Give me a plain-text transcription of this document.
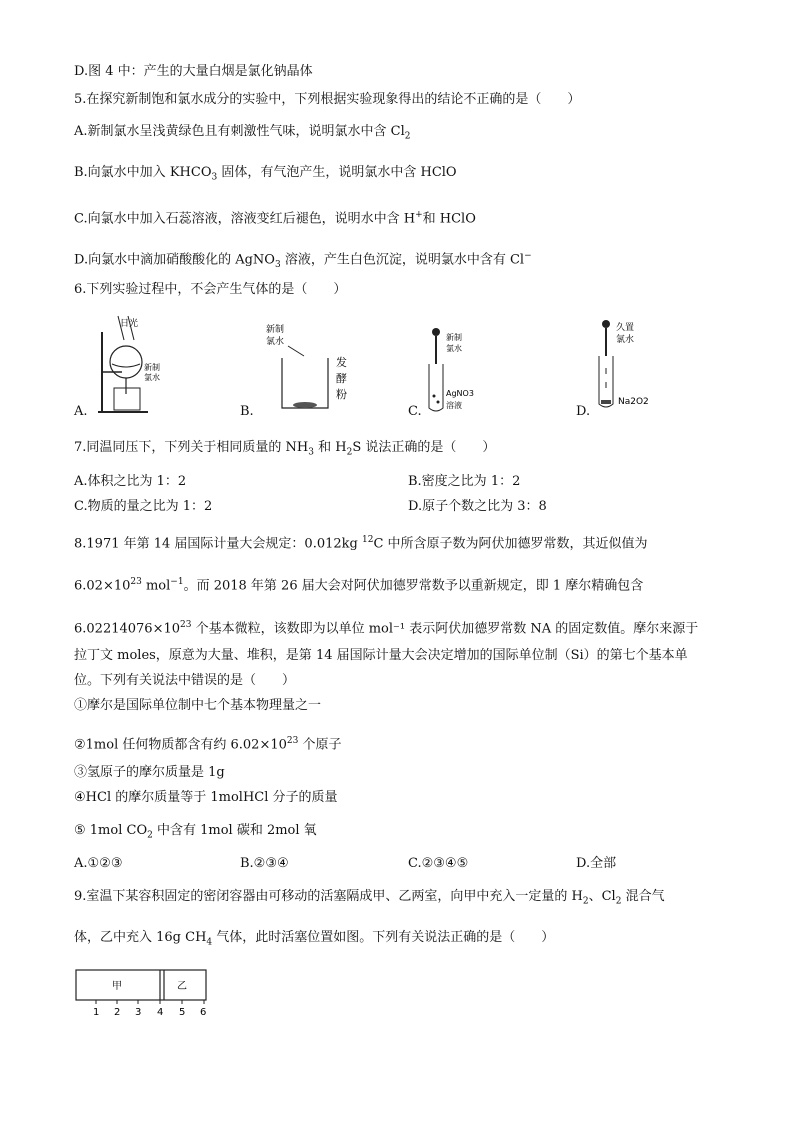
D.图 4 中：产生的大量白烟是氯化钠晶体
5.在探究新制饱和氯水成分的实验中，下列根据实验现象得出的结论不正确的是（　　）
A.新制氯水呈浅黄绿色且有刺激性气味，说明氯水中含 $Cl_2$
B.向氯水中加入 $KHCO_3$ 固体，有气泡产生，说明氯水中含 HClO
C.向氯水中加入石蕊溶液，溶液变红后褪色，说明水中含 H+和 HClO
D.向氯水中滴加硝酸酸化的 AgNO$_3$ 溶液，产生白色沉淀，说明氯水中含有 Cl−
6.下列实验过程中，不会产生气体的是（　　）
A.
日光
新制
氯水
B.
新制
氯水
发
酵
粉
C.
新制
氯水
AgNO3
溶液	D.
久置
氯水
Na2O2
7.同温同压下，下列关于相同质量的 $NH_3$ 和 $H_2S$ 说法正确的是（　　）
A.体积之比为 1：2	B.密度之比为 1：2
C.物质的量之比为 1：2	D.原子个数之比为 3：8
8.1971 年第 14 届国际计量大会规定：0.012kg $^{12}$C 中所含原子数为阿伏加德罗常数，其近似值为
$6.02\times 10^{23}$ mol$^{-1}$。而 2018 年第 26 届大会对阿伏加德罗常数予以重新规定，即 1 摩尔精确包含
$6.02214076\times 10^{23}$ 个基本微粒，该数即为以单位 mol⁻¹ 表示阿伏加德罗常数 NA 的固定数值。摩尔来源于
拉丁文 moles，原意为大量、堆积，是第 14 届国际计量大会决定增加的国际单位制（Si）的第七个基本单
位。下列有关说法中错误的是（　　）
①摩尔是国际单位制中七个基本物理量之一
②1mol 任何物质都含有约 $6.02\times 10^{23}$ 个原子
③氢原子的摩尔质量是 1g
④HCl 的摩尔质量等于 1molHCl 分子的质量
⑤ 1mol $CO_2$ 中含有 1mol 碳和 2mol 氧
A.①②③	B.②③④	C.②③④⑤	D.全部
9.室温下某容积固定的密闭容器由可移动的活塞隔成甲、乙两室，向甲中充入一定量的 $H_2$、$Cl_2$ 混合气
体，乙中充入 16g $CH_4$ 气体，此时活塞位置如图。下列有关说法正确的是（　　）
甲	乙
1 2 3 4 5 6
